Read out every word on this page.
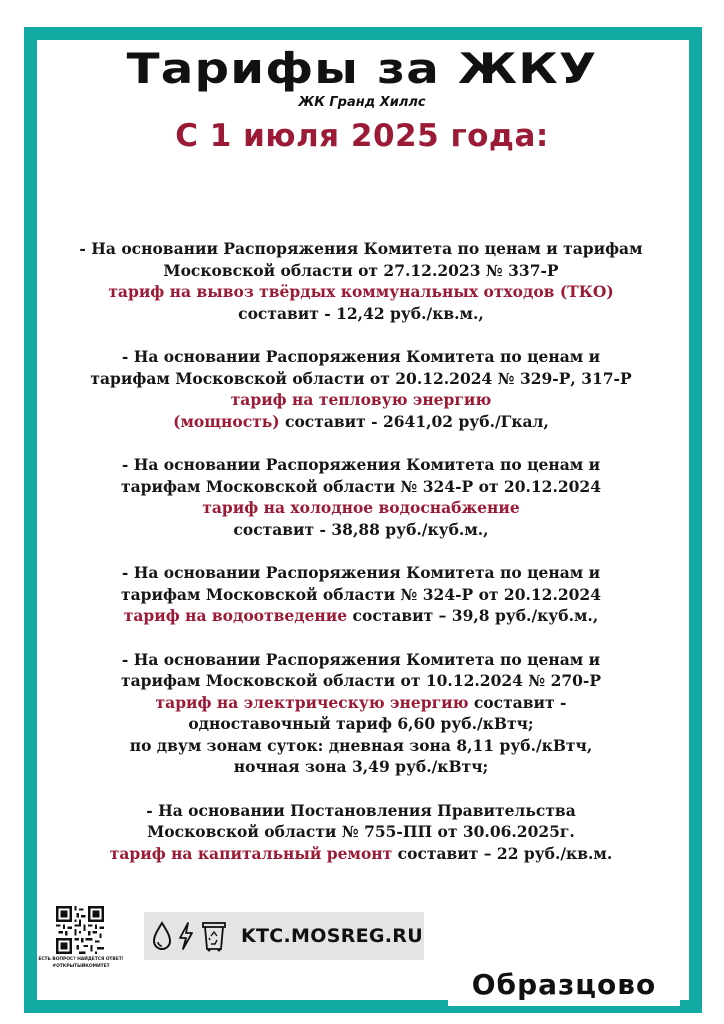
Тарифы за ЖКУ
ЖК Гранд Хиллс
С 1 июля 2025 года:
- На основании Распоряжения Комитета по ценам и тарифам
Московской области от 27.12.2023 № 337-Р
тариф на вывоз твёрдых коммунальных отходов (ТКО)
составит - 12,42 руб./кв.м.,
- На основании Распоряжения Комитета по ценам и
тарифам Московской области от 20.12.2024 № 329-Р, 317-Р
тариф на тепловую энергию
(мощность) составит - 2641,02 руб./Гкал,
- На основании Распоряжения Комитета по ценам и
тарифам Московской области № 324-Р от 20.12.2024
тариф на холодное водоснабжение
составит - 38,88 руб./куб.м.,
- На основании Распоряжения Комитета по ценам и
тарифам Московской области № 324-Р от 20.12.2024
тариф на водоотведение составит – 39,8 руб./куб.м.,
- На основании Распоряжения Комитета по ценам и
тарифам Московской области от 10.12.2024 № 270-Р
тариф на электрическую энергию составит -
одноставочный тариф 6,60 руб./кВтч;
по двум зонам суток: дневная зона 8,11 руб./кВтч,
ночная зона 3,49 руб./кВтч;
- На основании Постановления Правительства
Московской области № 755-ПП от 30.06.2025г.
тариф на капитальный ремонт составит – 22 руб./кв.м.
ЕСТЬ ВОПРОС? НАЙДЕТСЯ ОТВЕТ!
#ОТКРЫТЫЙКОМИТЕТ
KTC.MOSREG.RU
Образцово
